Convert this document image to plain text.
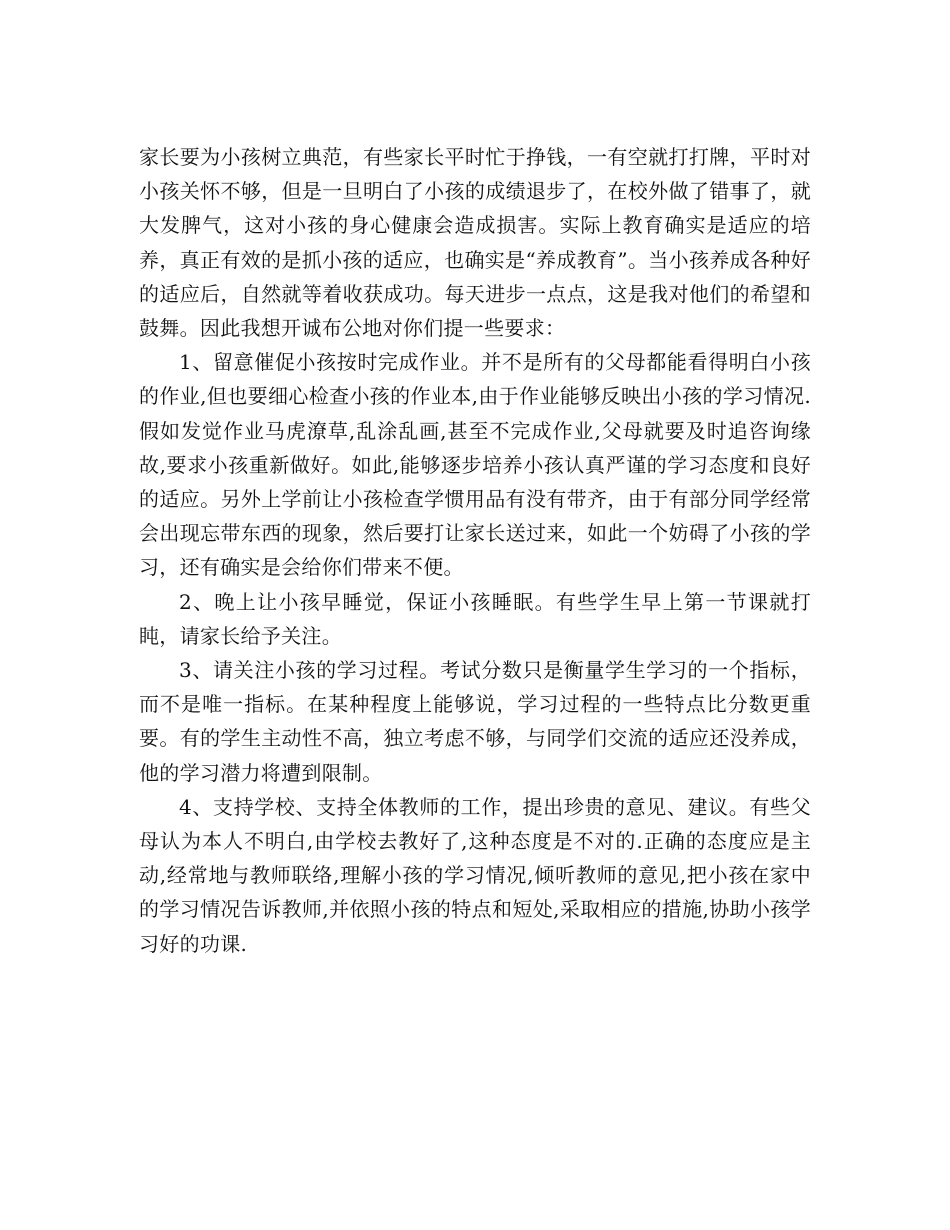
家长要为小孩树立典范，有些家长平时忙于挣钱，一有空就打打牌，平时对小孩关怀不够，但是一旦明白了小孩的成绩退步了，在校外做了错事了，就大发脾气，这对小孩的身心健康会造成损害。实际上教育确实是适应的培养，真正有效的是抓小孩的适应，也确实是“养成教育”。当小孩养成各种好的适应后，自然就等着收获成功。每天进步一点点，这是我对他们的希望和鼓舞。因此我想开诚布公地对你们提一些要求：

1、留意催促小孩按时完成作业。并不是所有的父母都能看得明白小孩的作业,但也要细心检查小孩的作业本,由于作业能够反映出小孩的学习情况.假如发觉作业马虎潦草,乱涂乱画,甚至不完成作业,父母就要及时追咨询缘故,要求小孩重新做好。如此,能够逐步培养小孩认真严谨的学习态度和良好的适应。另外上学前让小孩检查学惯用品有没有带齐，由于有部分同学经常会出现忘带东西的现象，然后要打让家长送过来，如此一个妨碍了小孩的学习，还有确实是会给你们带来不便。

2、晚上让小孩早睡觉，保证小孩睡眠。有些学生早上第一节课就打盹，请家长给予关注。

3、请关注小孩的学习过程。考试分数只是衡量学生学习的一个指标，而不是唯一指标。在某种程度上能够说，学习过程的一些特点比分数更重要。有的学生主动性不高，独立考虑不够，与同学们交流的适应还没养成，他的学习潜力将遭到限制。

4、支持学校、支持全体教师的工作，提出珍贵的意见、建议。有些父母认为本人不明白,由学校去教好了,这种态度是不对的.正确的态度应是主动,经常地与教师联络,理解小孩的学习情况,倾听教师的意见,把小孩在家中的学习情况告诉教师,并依照小孩的特点和短处,采取相应的措施,协助小孩学习好的功课.
